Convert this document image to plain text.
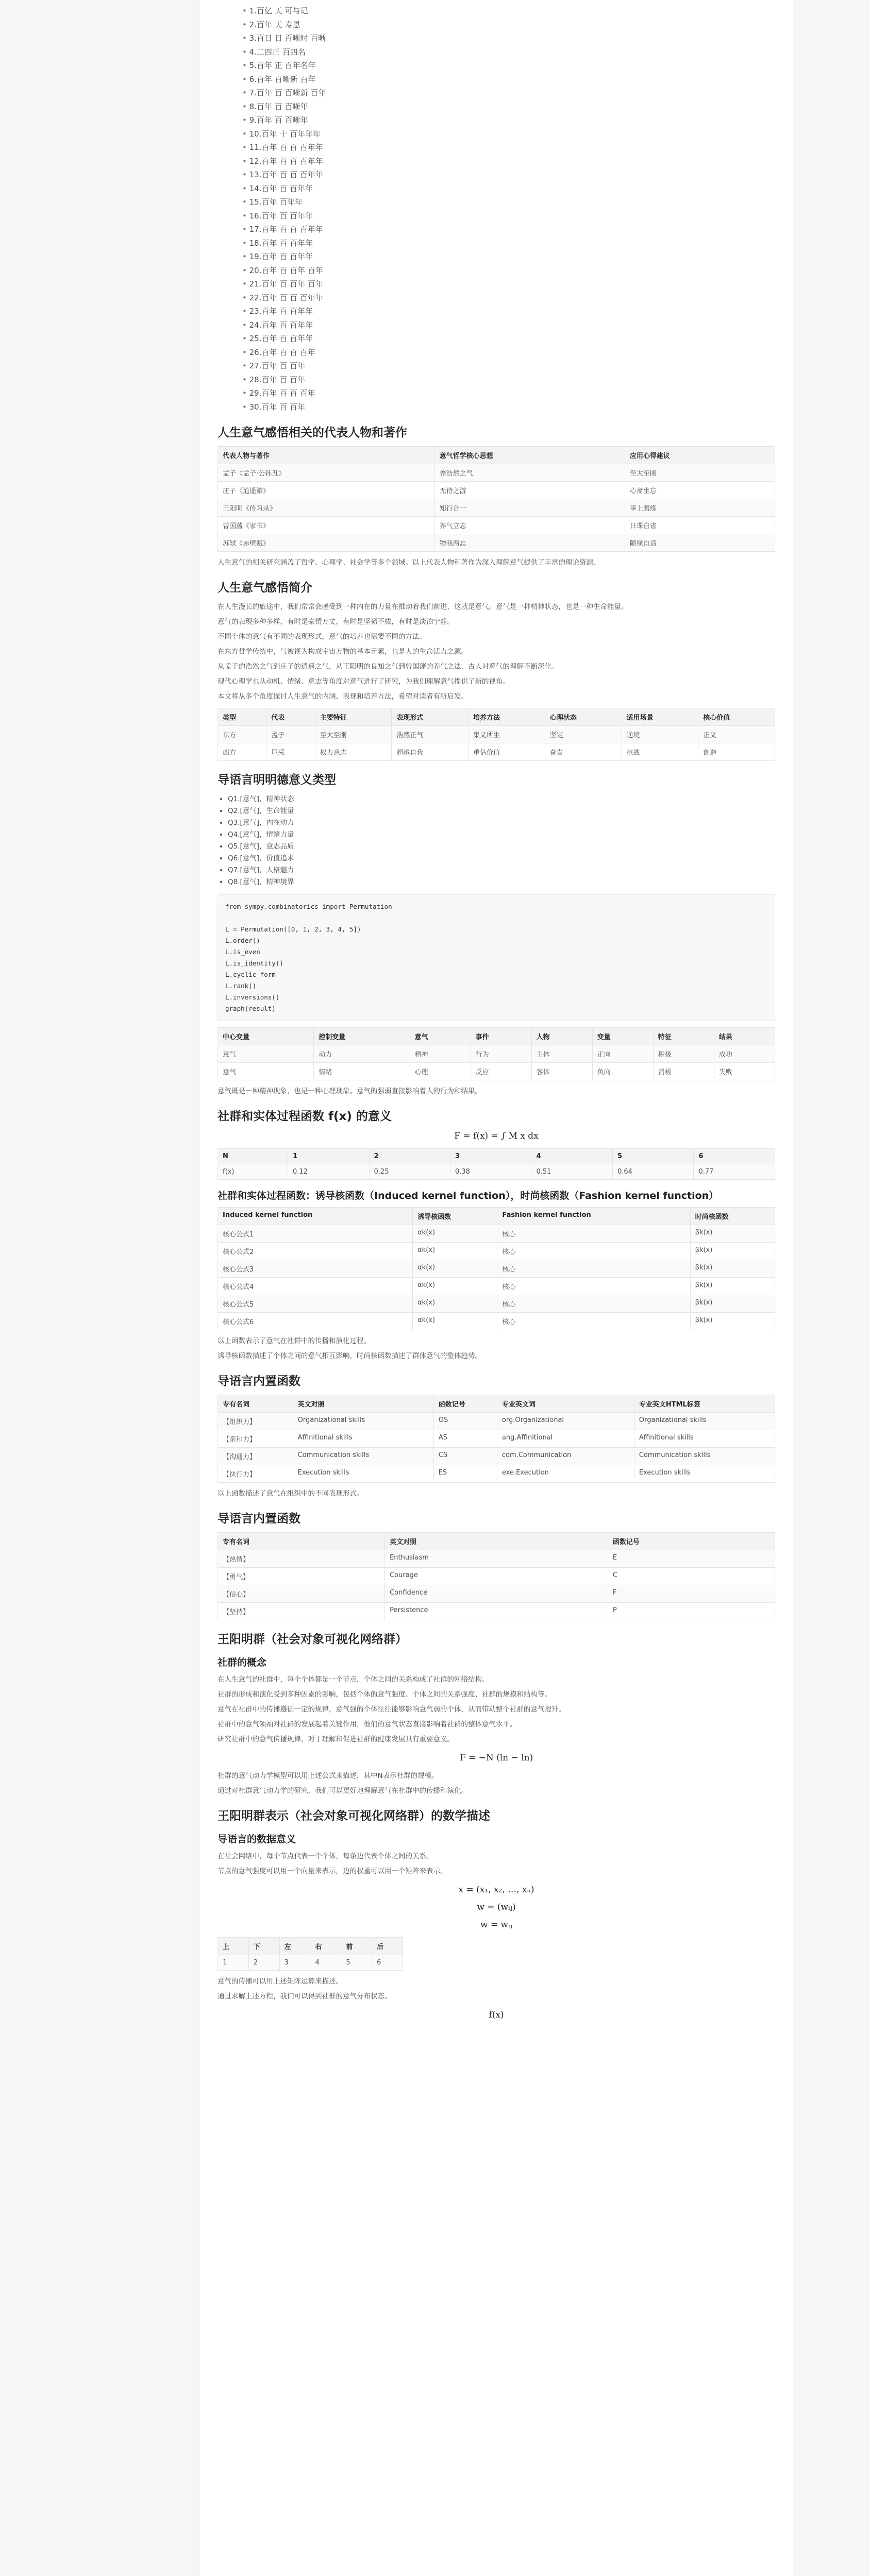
• 1.百亿 天 可与记
• 2.百年 天 寿恩
• 3.百日 日 百晰时 百晰
• 4.二四正 百四名
• 5.百年 正 百年名年
• 6.百年 百晰新 百年
• 7.百年 百 百晰新 百年
• 8.百年 百 百晰年
• 9.百年 百 百晰年
• 10.百年 十 百年年年
• 11.百年 百 百 百年年
• 12.百年 百 百 百年年
• 13.百年 百 百 百年年
• 14.百年 百 百年年
• 15.百年 百年年
• 16.百年 百 百年年
• 17.百年 百 百 百年年
• 18.百年 百 百年年
• 19.百年 百 百年年
• 20.百年 百 百年 百年
• 21.百年 百 百年 百年
• 22.百年 百 百 百年年
• 23.百年 百 百年年
• 24.百年 百 百年年
• 25.百年 百 百年年
• 26.百年 百 百 百年
• 27.百年 百 百年
• 28.百年 百 百年
• 29.百年 百 百 百年
• 30.百年 百 百年
人生意气感悟相关的代表人物和著作
代表人物与著作	意气哲学核心思想	应用心得建议
孟子《孟子·公孙丑》	养浩然之气	至大至刚
庄子《逍遥游》	无待之游	心斋坐忘
王阳明《传习录》	知行合一	事上磨练
曾国藩《家书》	养气立志	日课自省
苏轼《赤壁赋》	物我两忘	随缘自适

人生意气的相关研究涵盖了哲学、心理学、社会学等多个领域。以上代表人物和著作为深入理解意气提供了丰富的理论资源。

人生意气感悟简介

在人生漫长的旅途中，我们常常会感受到一种内在的力量在推动着我们前进，这就是意气。意气是一种精神状态，也是一种生命能量。

意气的表现多种多样，有时是豪情万丈，有时是坚韧不拔，有时是淡泊宁静。

不同个体的意气有不同的表现形式，意气的培养也需要不同的方法。

在东方哲学传统中，气被视为构成宇宙万物的基本元素，也是人的生命活力之源。

从孟子的浩然之气到庄子的逍遥之气，从王阳明的良知之气到曾国藩的养气之法，古人对意气的理解不断深化。

现代心理学也从动机、情绪、意志等角度对意气进行了研究，为我们理解意气提供了新的视角。

本文将从多个角度探讨人生意气的内涵、表现和培养方法，希望对读者有所启发。

类型	代表	主要特征	表现形式	培养方法	心理状态	适用场景	核心价值
东方	孟子	至大至刚	浩然正气	集义所生	坚定	逆境	正义
西方	尼采	权力意志	超越自我	重估价值	奋发	挑战	创造
导语言明明德意义类型
• Q1.[意气]，精神状态
• Q2.[意气]，生命能量
• Q3.[意气]，内在动力
• Q4.[意气]，情绪力量
• Q5.[意气]，意志品质
• Q6.[意气]，价值追求
• Q7.[意气]，人格魅力
• Q8.[意气]，精神境界
from sympy.combinatorics import Permutation

L = Permutation([0, 1, 2, 3, 4, 5])
L.order()
L.is_even
L.is_identity()
L.cyclic_form
L.rank()
L.inversions()
graph(result)
中心变量	控制变量	意气	事件	人物	变量	特征	结果
意气	动力	精神	行为	主体	正向	积极	成功
意气	情绪	心理	反应	客体	负向	消极	失败

意气既是一种精神现象，也是一种心理现象。意气的强弱直接影响着人的行为和结果。

社群和实体过程函数 f(x) 的意义
F = f(x) = ∫ M x dx
N	1	2	3	4	5	6
f(x)	0.12	0.25	0.38	0.51	0.64	0.77
社群和实体过程函数：诱导核函数（Induced kernel function），时尚核函数（Fashion kernel function）
Induced kernel function	诱导核函数	Fashion kernel function	时尚核函数
核心公式1	αk(x)	核心	βk(x)
核心公式2	αk(x)	核心	βk(x)
核心公式3	αk(x)	核心	βk(x)
核心公式4	αk(x)	核心	βk(x)
核心公式5	αk(x)	核心	βk(x)
核心公式6	αk(x)	核心	βk(x)

以上函数表示了意气在社群中的传播和演化过程。

诱导核函数描述了个体之间的意气相互影响，时尚核函数描述了群体意气的整体趋势。

导语言内置函数
专有名词	英文对照	函数记号	专业英文词	专业英文HTML标签
【组织力】	Organizational skills	OS	org.Organizational	Organizational skills
【亲和力】	Affinitional skills	AS	ang.Affinitional	Affinitional skills
【沟通力】	Communication skills	CS	com.Communication	Communication skills
【执行力】	Execution skills	ES	exe.Execution	Execution skills

以上函数描述了意气在组织中的不同表现形式。

导语言内置函数
专有名词	英文对照	函数记号
【热情】	Enthusiasm	E
【勇气】	Courage	C
【信心】	Confidence	F
【坚持】	Persistence	P
王阳明群（社会对象可视化网络群）
社群的概念

在人生意气的社群中，每个个体都是一个节点，个体之间的关系构成了社群的网络结构。

社群的形成和演化受到多种因素的影响，包括个体的意气强度、个体之间的关系强度、社群的规模和结构等。

意气在社群中的传播遵循一定的规律，意气强的个体往往能够影响意气弱的个体，从而带动整个社群的意气提升。

社群中的意气领袖对社群的发展起着关键作用，他们的意气状态直接影响着社群的整体意气水平。

研究社群中的意气传播规律，对于理解和促进社群的健康发展具有重要意义。

F = −N (ln − ln)

社群的意气动力学模型可以用上述公式来描述，其中N表示社群的规模。

通过对社群意气动力学的研究，我们可以更好地理解意气在社群中的传播和演化。

王阳明群表示（社会对象可视化网络群）的数学描述
导语言的数据意义

在社会网络中，每个节点代表一个个体，每条边代表个体之间的关系。

节点的意气强度可以用一个向量来表示，边的权重可以用一个矩阵来表示。

x = (x₁, x₂, …, xₙ)
w = (wᵢⱼ)
w = wᵢⱼ
上	下	左	右	前	后
1	2	3	4	5	6

意气的传播可以用上述矩阵运算来描述。

通过求解上述方程，我们可以得到社群的意气分布状态。

f(x)
